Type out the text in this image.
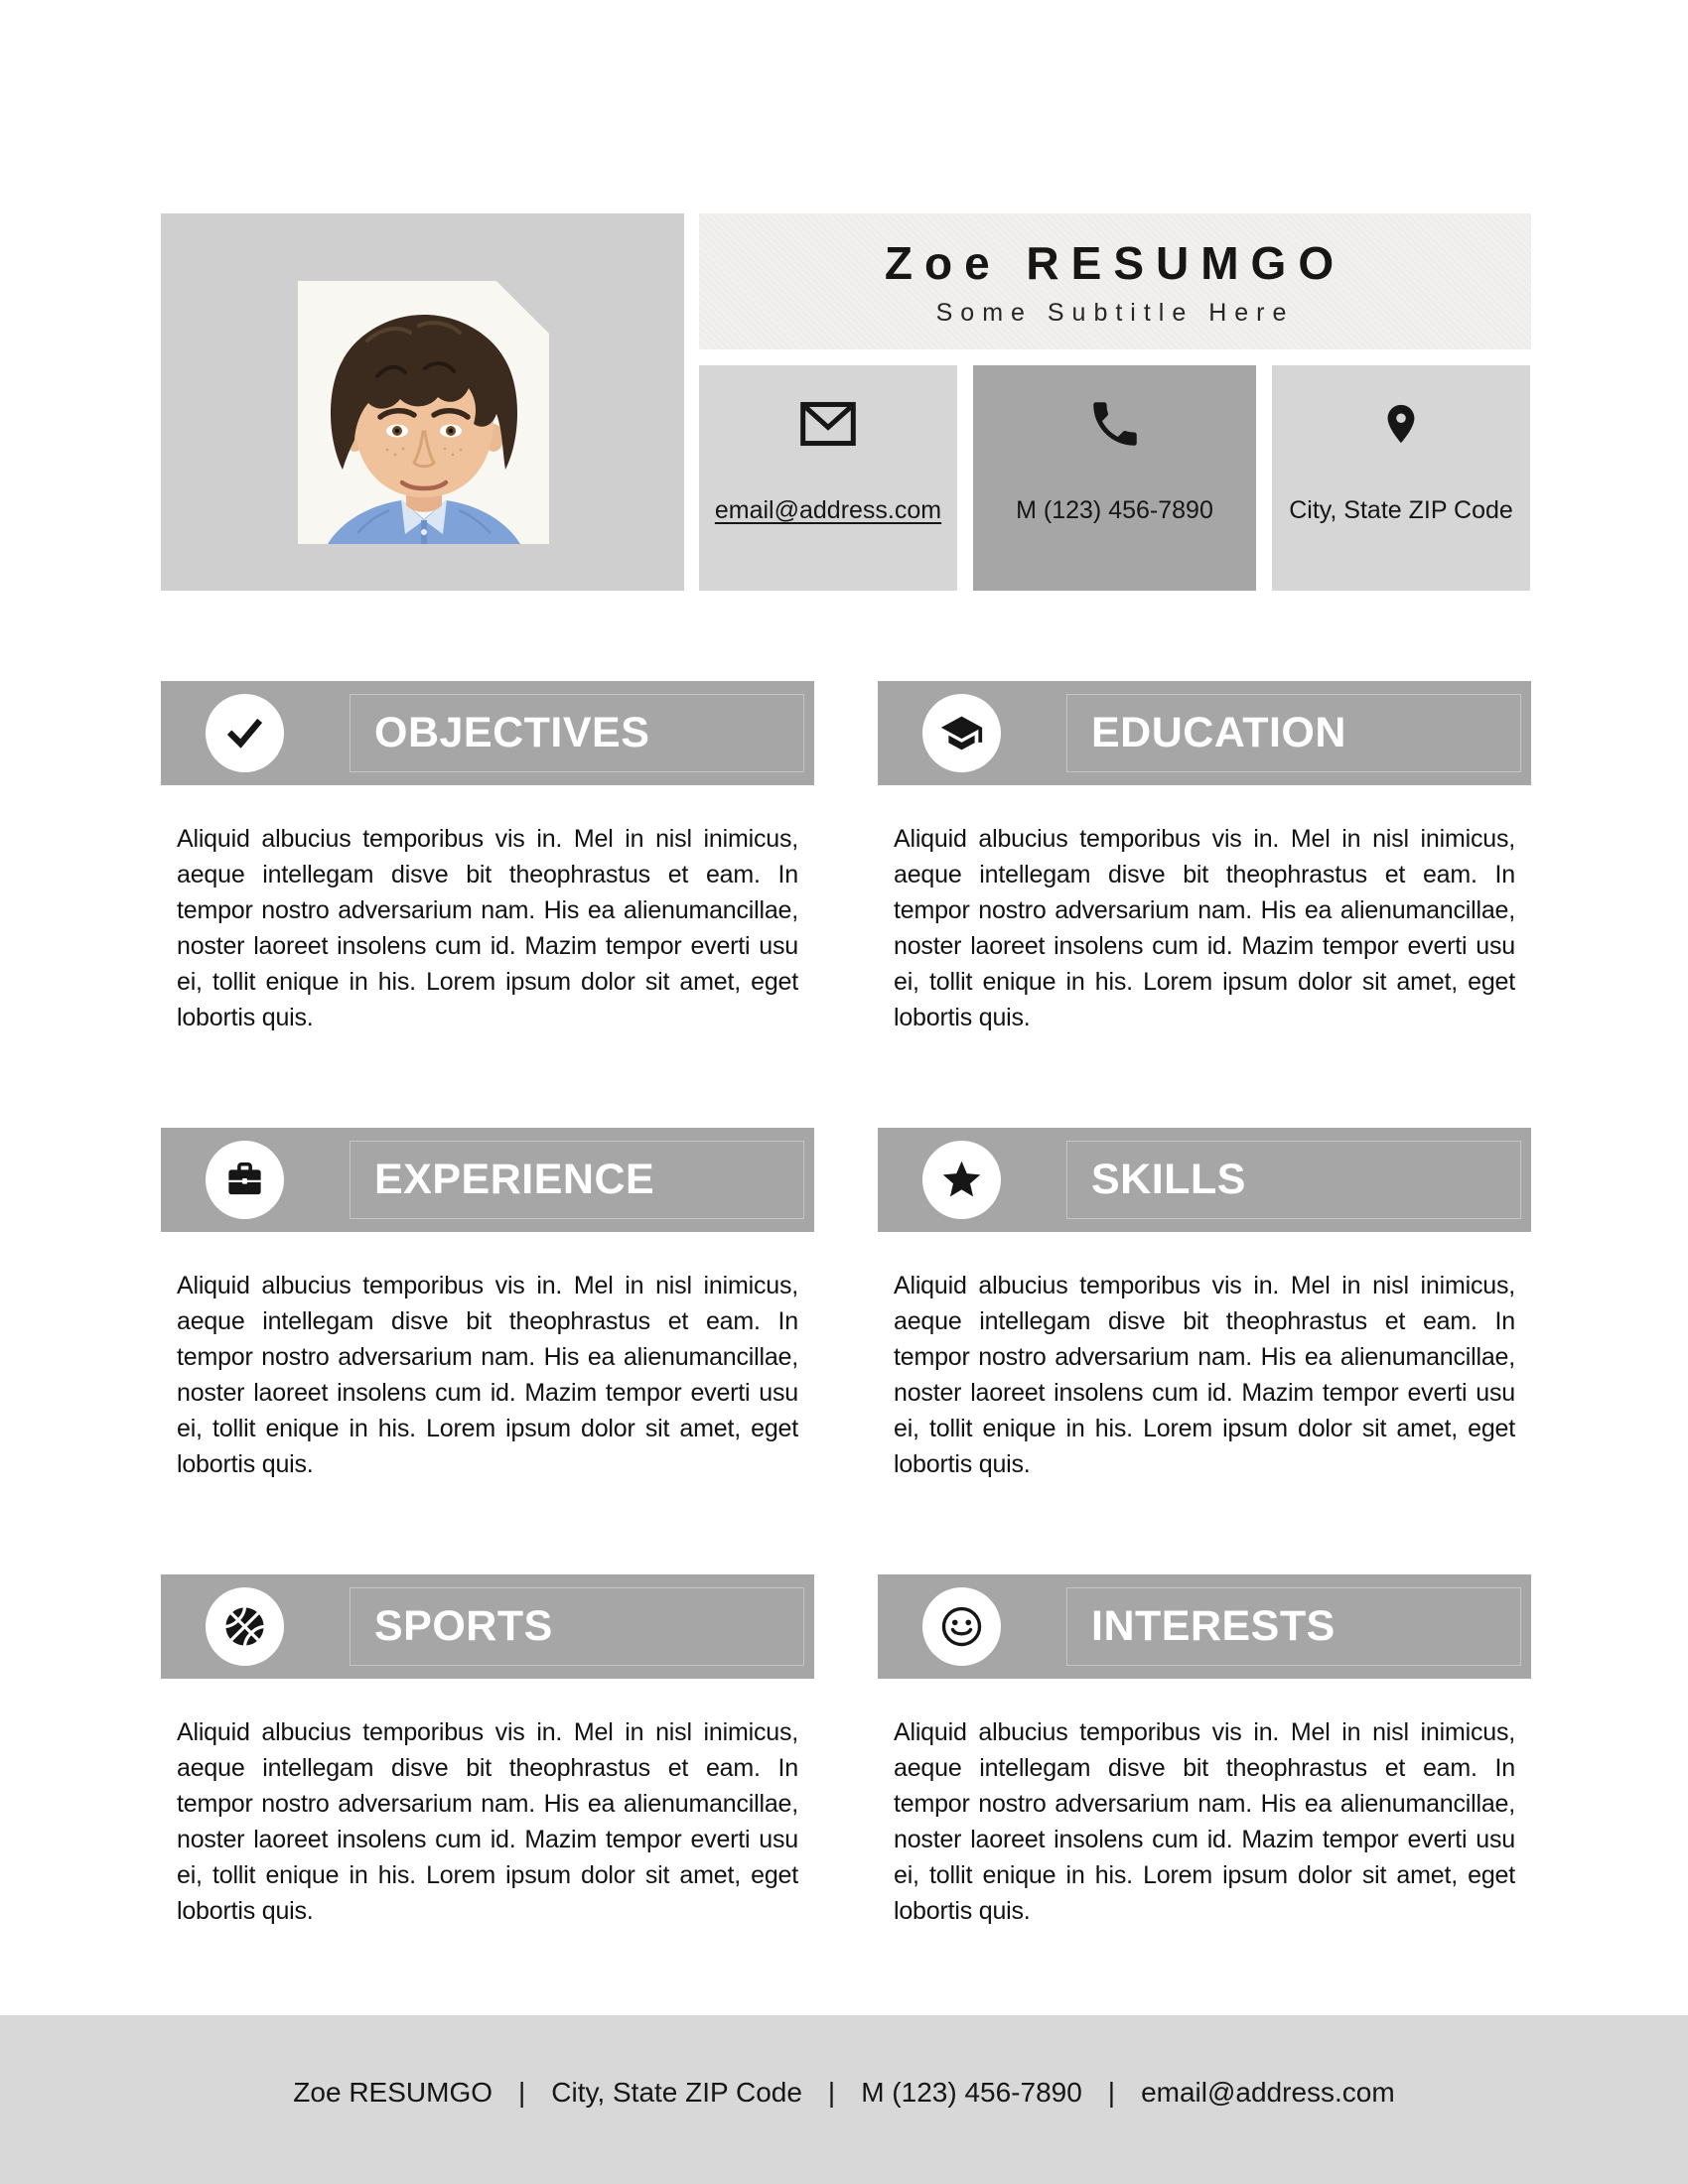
Zoe RESUMGO
Some Subtitle Here
email@address.com	M (123) 456-7890	City, State ZIP Code
OBJECTIVES

Aliquid albucius temporibus vis in. Mel in nisl inimicus, aeque intellegam disve bit theophrastus et eam. In tempor nostro adversarium nam. His ea alienumancillae, noster laoreet insolens cum id. Mazim tempor everti usu ei, tollit enique in his. Lorem ipsum dolor sit amet, eget lobortis quis.

EDUCATION

Aliquid albucius temporibus vis in. Mel in nisl inimicus, aeque intellegam disve bit theophrastus et eam. In tempor nostro adversarium nam. His ea alienumancillae, noster laoreet insolens cum id. Mazim tempor everti usu ei, tollit enique in his. Lorem ipsum dolor sit amet, eget lobortis quis.

EXPERIENCE

Aliquid albucius temporibus vis in. Mel in nisl inimicus, aeque intellegam disve bit theophrastus et eam. In tempor nostro adversarium nam. His ea alienumancillae, noster laoreet insolens cum id. Mazim tempor everti usu ei, tollit enique in his. Lorem ipsum dolor sit amet, eget lobortis quis.

SKILLS

Aliquid albucius temporibus vis in. Mel in nisl inimicus, aeque intellegam disve bit theophrastus et eam. In tempor nostro adversarium nam. His ea alienumancillae, noster laoreet insolens cum id. Mazim tempor everti usu ei, tollit enique in his. Lorem ipsum dolor sit amet, eget lobortis quis.

SPORTS

Aliquid albucius temporibus vis in. Mel in nisl inimicus, aeque intellegam disve bit theophrastus et eam. In tempor nostro adversarium nam. His ea alienumancillae, noster laoreet insolens cum id. Mazim tempor everti usu ei, tollit enique in his. Lorem ipsum dolor sit amet, eget lobortis quis.

INTERESTS

Aliquid albucius temporibus vis in. Mel in nisl inimicus, aeque intellegam disve bit theophrastus et eam. In tempor nostro adversarium nam. His ea alienumancillae, noster laoreet insolens cum id. Mazim tempor everti usu ei, tollit enique in his. Lorem ipsum dolor sit amet, eget lobortis quis.

Zoe RESUMGO | City, State ZIP Code | M (123) 456-7890 | email@address.com
